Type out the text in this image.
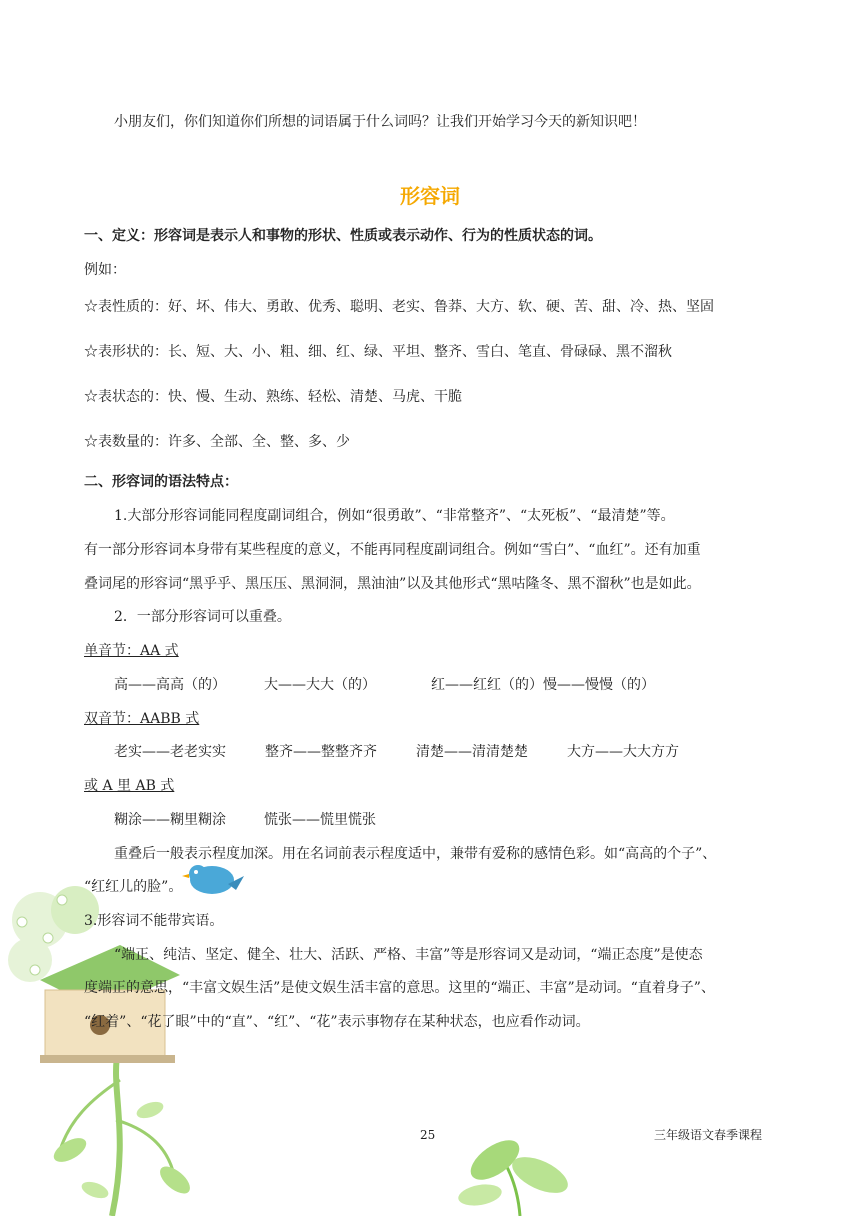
小朋友们，你们知道你们所想的词语属于什么词吗？让我们开始学习今天的新知识吧！
形容词
一、定义：形容词是表示人和事物的形状、性质或表示动作、行为的性质状态的词。
例如：
☆表性质的：好、坏、伟大、勇敢、优秀、聪明、老实、鲁莽、大方、软、硬、苦、甜、冷、热、坚固
☆表形状的：长、短、大、小、粗、细、红、绿、平坦、整齐、雪白、笔直、骨碌碌、黑不溜秋
☆表状态的：快、慢、生动、熟练、轻松、清楚、马虎、干脆
☆表数量的：许多、全部、全、整、多、少
二、形容词的语法特点：
1.大部分形容词能同程度副词组合，例如“很勇敢”、“非常整齐”、“太死板”、“最清楚”等。
有一部分形容词本身带有某些程度的意义，不能再同程度副词组合。例如“雪白”、“血红”。还有加重
叠词尾的形容词“黑乎乎、黑压压、黑洞洞，黑油油”以及其他形式“黑咕隆冬、黑不溜秋”也是如此。
2．一部分形容词可以重叠。
单音节：AA 式
高——高高（的）	大——大大（的）	红——红红（的）慢——慢慢（的）
双音节：AABB 式
老实——老老实实	整齐——整整齐齐	清楚——清清楚楚	大方——大大方方
或 A 里 AB 式
糊涂——糊里糊涂	慌张——慌里慌张
重叠后一般表示程度加深。用在名词前表示程度适中，兼带有爱称的感情色彩。如“高高的个子”、
“红红儿的脸”。
3.形容词不能带宾语。
“端正、纯洁、坚定、健全、壮大、活跃、严格、丰富”等是形容词又是动词，“端正态度”是使态
度端正的意思，“丰富文娱生活”是使文娱生活丰富的意思。这里的“端正、丰富”是动词。“直着身子”、
“红着”、“花了眼”中的“直”、“红”、“花”表示事物存在某种状态，也应看作动词。
25	三年级语文春季课程
